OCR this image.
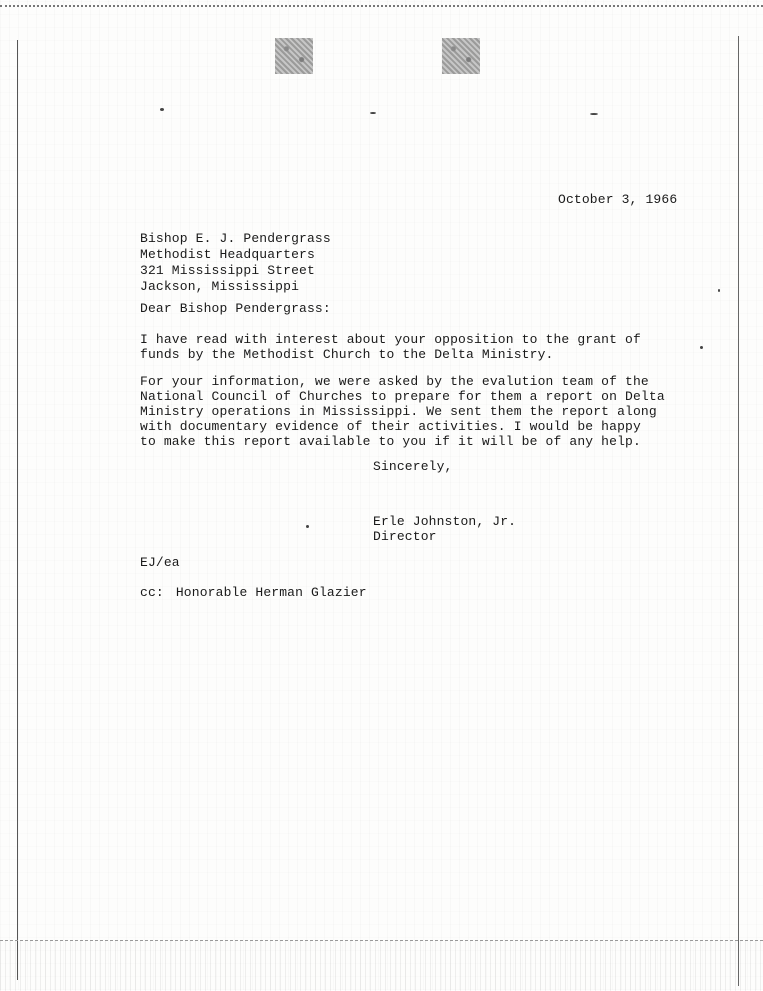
October 3, 1966
Bishop E. J. Pendergrass
Methodist Headquarters
321 Mississippi Street
Jackson, Mississippi
Dear Bishop Pendergrass:
I have read with interest about your opposition to the grant of
funds by the Methodist Church to the Delta Ministry.
For your information, we were asked by the evalution team of the
National Council of Churches to prepare for them a report on Delta
Ministry operations in Mississippi. We sent them the report along
with documentary evidence of their activities. I would be happy
to make this report available to you if it will be of any help.
Sincerely,
Erle Johnston, Jr.
Director
EJ/ea
cc: Honorable Herman Glazier
